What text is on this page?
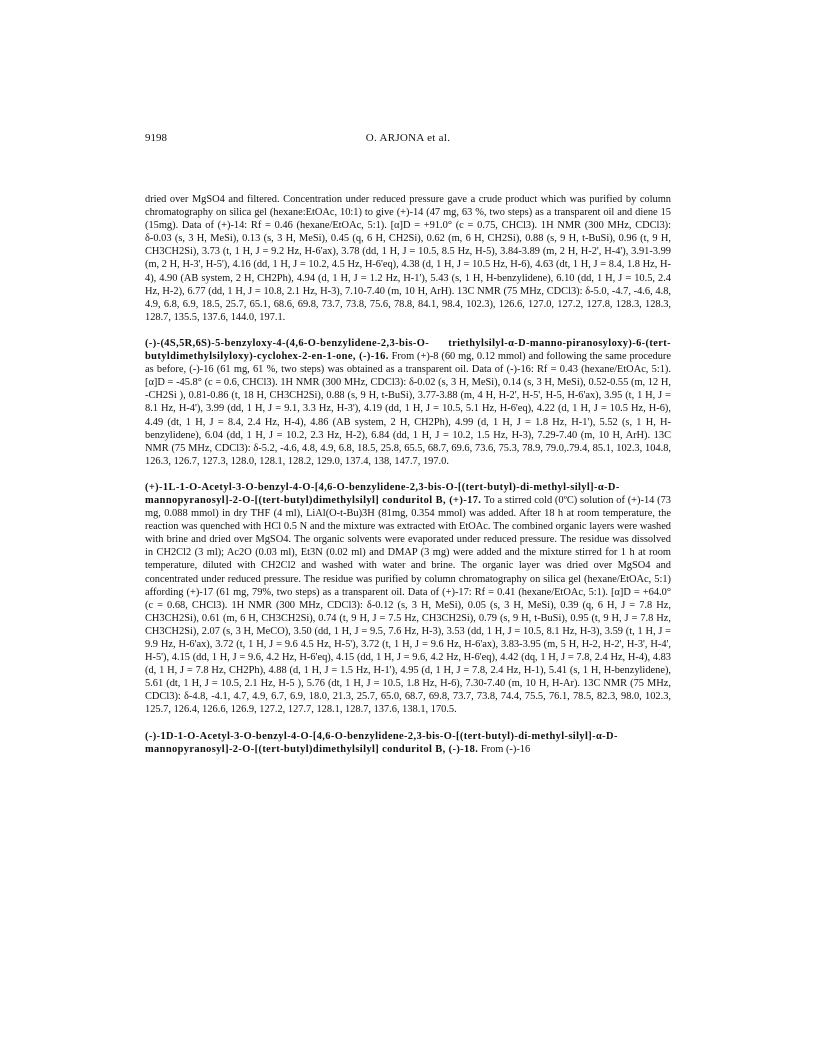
9198	O. ARJONA et al.

dried over MgSO4 and filtered. Concentration under reduced pressure gave a crude product which was purified by column chromatography on silica gel (hexane:EtOAc, 10:1) to give (+)-14 (47 mg, 63 %, two steps) as a transparent oil and diene 15 (15mg). Data of (+)-14: Rf = 0.46 (hexane/EtOAc, 5:1). [α]D = +91.0° (c = 0.75, CHCl3). 1H NMR (300 MHz, CDCl3): δ-0.03 (s, 3 H, MeSi), 0.13 (s, 3 H, MeSi), 0.45 (q, 6 H, CH2Si), 0.62 (m, 6 H, CH2Si), 0.88 (s, 9 H, t-BuSi), 0.96 (t, 9 H, CH3CH2Si), 3.73 (t, 1 H, J = 9.2 Hz, H-6'ax), 3.78 (dd, 1 H, J = 10.5, 8.5 Hz, H-5), 3.84-3.89 (m, 2 H, H-2', H-4'), 3.91-3.99 (m, 2 H, H-3', H-5'), 4.16 (dd, 1 H, J = 10.2, 4.5 Hz, H-6'eq), 4.38 (d, 1 H, J = 10.5 Hz, H-6), 4.63 (dt, 1 H, J = 8.4, 1.8 Hz, H-4), 4.90 (AB system, 2 H, CH2Ph), 4.94 (d, 1 H, J = 1.2 Hz, H-1'), 5.43 (s, 1 H, H-benzylidene), 6.10 (dd, 1 H, J = 10.5, 2.4 Hz, H-2), 6.77 (dd, 1 H, J = 10.8, 2.1 Hz, H-3), 7.10-7.40 (m, 10 H, ArH). 13C NMR (75 MHz, CDCl3): δ-5.0, -4.7, -4.6, 4.8, 4.9, 6.8, 6.9, 18.5, 25.7, 65.1, 68.6, 69.8, 73.7, 73.8, 75.6, 78.8, 84.1, 98.4, 102.3), 126.6, 127.0, 127.2, 127.8, 128.3, 128.3, 128.7, 135.5, 137.6, 144.0, 197.1.

(-)-(4S,5R,6S)-5-benzyloxy-4-(4,6-O-benzylidene-2,3-bis-O- triethylsilyl-α-D-manno-piranosyloxy)-6-(tert-butyldimethylsilyloxy)-cyclohex-2-en-1-one, (-)-16. From (+)-8 (60 mg, 0.12 mmol) and following the same procedure as before, (-)-16 (61 mg, 61 %, two steps) was obtained as a transparent oil. Data of (-)-16: Rf = 0.43 (hexane/EtOAc, 5:1). [α]D = -45.8° (c = 0.6, CHCl3). 1H NMR (300 MHz, CDCl3): δ-0.02 (s, 3 H, MeSi), 0.14 (s, 3 H, MeSi), 0.52-0.55 (m, 12 H, -CH2Si ), 0.81-0.86 (t, 18 H, CH3CH2Si), 0.88 (s, 9 H, t-BuSi), 3.77-3.88 (m, 4 H, H-2', H-5', H-5, H-6'ax), 3.95 (t, 1 H, J = 8.1 Hz, H-4'), 3.99 (dd, 1 H, J = 9.1, 3.3 Hz, H-3'), 4.19 (dd, 1 H, J = 10.5, 5.1 Hz, H-6'eq), 4.22 (d, 1 H, J = 10.5 Hz, H-6), 4.49 (dt, 1 H, J = 8.4, 2.4 Hz, H-4), 4.86 (AB system, 2 H, CH2Ph), 4.99 (d, 1 H, J = 1.8 Hz, H-1'), 5.52 (s, 1 H, H-benzylidene), 6.04 (dd, 1 H, J = 10.2, 2.3 Hz, H-2), 6.84 (dd, 1 H, J = 10.2, 1.5 Hz, H-3), 7.29-7.40 (m, 10 H, ArH). 13C NMR (75 MHz, CDCl3): δ-5.2, -4.6, 4.8, 4.9, 6.8, 18.5, 25.8, 65.5, 68.7, 69.6, 73.6, 75.3, 78.9, 79.0,.79.4, 85.1, 102.3, 104.8, 126.3, 126.7, 127.3, 128.0, 128.1, 128.2, 129.0, 137.4, 138, 147.7, 197.0.

(+)-1L-1-O-Acetyl-3-O-benzyl-4-O-[4,6-O-benzylidene-2,3-bis-O-[(tert-butyl)-di-methyl-silyl]-α-D-mannopyranosyl]-2-O-[(tert-butyl)dimethylsilyl] conduritol B, (+)-17. To a stirred cold (0ºC) solution of (+)-14 (73 mg, 0.088 mmol) in dry THF (4 ml), LiAl(O-t-Bu)3H (81mg, 0.354 mmol) was added. After 18 h at room temperature, the reaction was quenched with HCl 0.5 N and the mixture was extracted with EtOAc. The combined organic layers were washed with brine and dried over MgSO4. The organic solvents were evaporated under reduced pressure. The residue was dissolved in CH2Cl2 (3 ml); Ac2O (0.03 ml), Et3N (0.02 ml) and DMAP (3 mg) were added and the mixture stirred for 1 h at room temperature, diluted with CH2Cl2 and washed with water and brine. The organic layer was dried over MgSO4 and concentrated under reduced pressure. The residue was purified by column chromatography on silica gel (hexane/EtOAc, 5:1) affording (+)-17 (61 mg, 79%, two steps) as a transparent oil. Data of (+)-17: Rf = 0.41 (hexane/EtOAc, 5:1). [α]D = +64.0° (c = 0.68, CHCl3). 1H NMR (300 MHz, CDCl3): δ-0.12 (s, 3 H, MeSi), 0.05 (s, 3 H, MeSi), 0.39 (q, 6 H, J = 7.8 Hz, CH3CH2Si), 0.61 (m, 6 H, CH3CH2Si), 0.74 (t, 9 H, J = 7.5 Hz, CH3CH2Si), 0.79 (s, 9 H, t-BuSi), 0.95 (t, 9 H, J = 7.8 Hz, CH3CH2Si), 2.07 (s, 3 H, MeCO), 3.50 (dd, 1 H, J = 9.5, 7.6 Hz, H-3), 3.53 (dd, 1 H, J = 10.5, 8.1 Hz, H-3), 3.59 (t, 1 H, J = 9.9 Hz, H-6'ax), 3.72 (t, 1 H, J = 9.6 4.5 Hz, H-5'), 3.72 (t, 1 H, J = 9.6 Hz, H-6'ax), 3.83-3.95 (m, 5 H, H-2, H-2', H-3', H-4', H-5'), 4.15 (dd, 1 H, J = 9.6, 4.2 Hz, H-6'eq), 4.15 (dd, 1 H, J = 9.6, 4.2 Hz, H-6'eq), 4.42 (dq, 1 H, J = 7.8, 2.4 Hz, H-4), 4.83 (d, 1 H, J = 7.8 Hz, CH2Ph), 4.88 (d, 1 H, J = 1.5 Hz, H-1'), 4.95 (d, 1 H, J = 7.8, 2.4 Hz, H-1), 5.41 (s, 1 H, H-benzylidene), 5.61 (dt, 1 H, J = 10.5, 2.1 Hz, H-5 ), 5.76 (dt, 1 H, J = 10.5, 1.8 Hz, H-6), 7.30-7.40 (m, 10 H, H-Ar). 13C NMR (75 MHz, CDCl3): δ-4.8, -4.1, 4.7, 4.9, 6.7, 6.9, 18.0, 21.3, 25.7, 65.0, 68.7, 69.8, 73.7, 73.8, 74.4, 75.5, 76.1, 78.5, 82.3, 98.0, 102.3, 125.7, 126.4, 126.6, 126.9, 127.2, 127.7, 128.1, 128.7, 137.6, 138.1, 170.5.

(-)-1D-1-O-Acetyl-3-O-benzyl-4-O-[4,6-O-benzylidene-2,3-bis-O-[(tert-butyl)-di-methyl-silyl]-α-D-mannopyranosyl]-2-O-[(tert-butyl)dimethylsilyl] conduritol B, (-)-18. From (-)-16
